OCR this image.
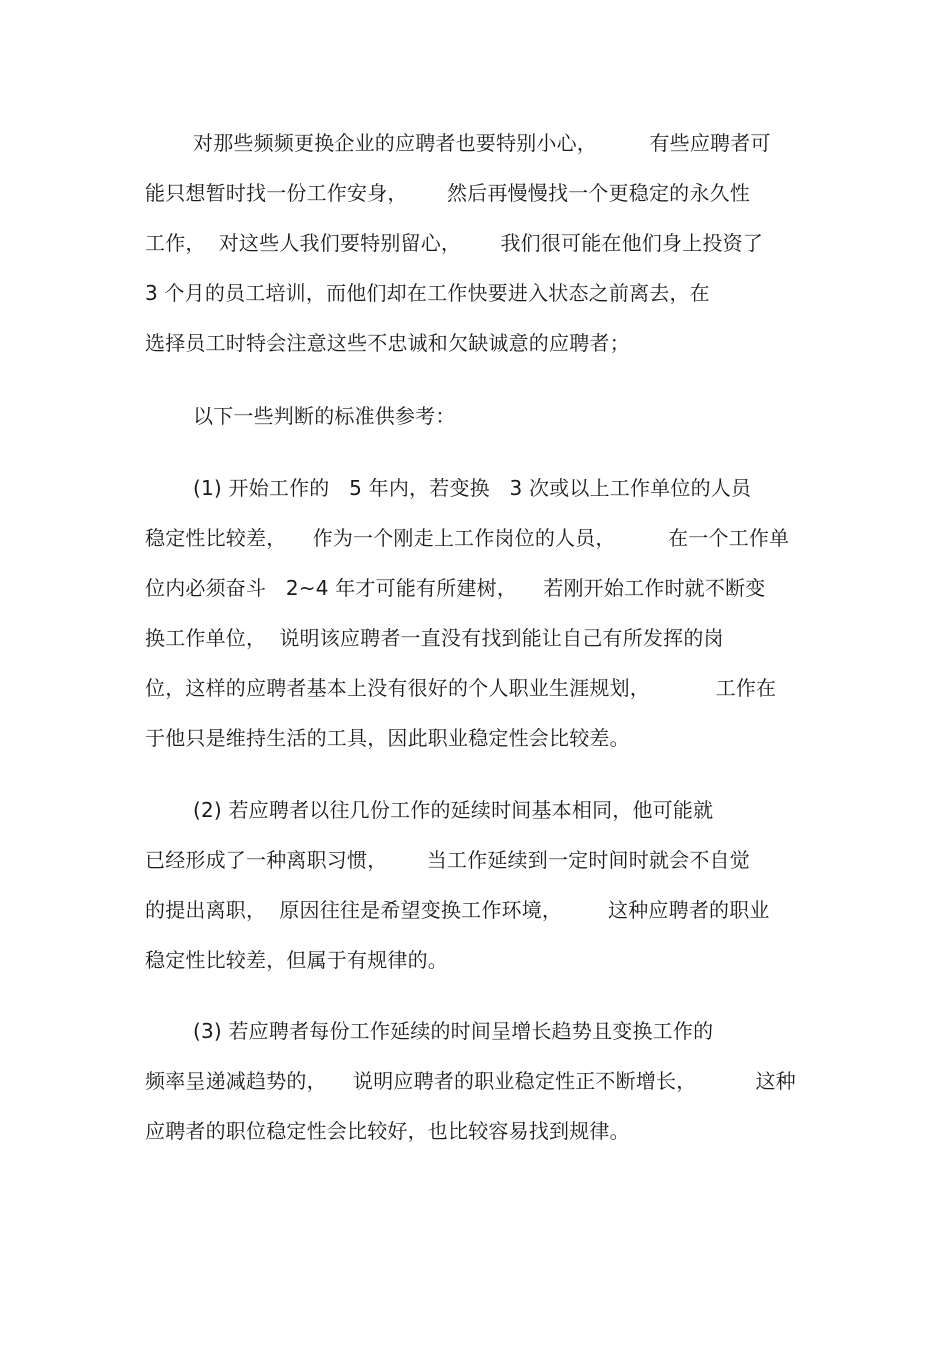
对那些频频更换企业的应聘者也要特别小心，        有些应聘者可
能只想暂时找一份工作安身，      然后再慢慢找一个更稳定的永久性
工作，  对这些人我们要特别留心，      我们很可能在他们身上投资了
3 个月的员工培训，而他们却在工作快要进入状态之前离去，在
选择员工时特会注意这些不忠诚和欠缺诚意的应聘者；
以下一些判断的标准供参考：
(1) 开始工作的   5 年内，若变换   3 次或以上工作单位的人员
稳定性比较差，    作为一个刚走上工作岗位的人员，        在一个工作单
位内必须奋斗   2~4 年才可能有所建树，    若刚开始工作时就不断变
换工作单位，  说明该应聘者一直没有找到能让自己有所发挥的岗
位，这样的应聘者基本上没有很好的个人职业生涯规划，          工作在
于他只是维持生活的工具，因此职业稳定性会比较差。
(2) 若应聘者以往几份工作的延续时间基本相同，他可能就
已经形成了一种离职习惯，      当工作延续到一定时间时就会不自觉
的提出离职，  原因往往是希望变换工作环境，       这种应聘者的职业
稳定性比较差，但属于有规律的。
(3) 若应聘者每份工作延续的时间呈增长趋势且变换工作的
频率呈递减趋势的，    说明应聘者的职业稳定性正不断增长，         这种
应聘者的职位稳定性会比较好，也比较容易找到规律。
